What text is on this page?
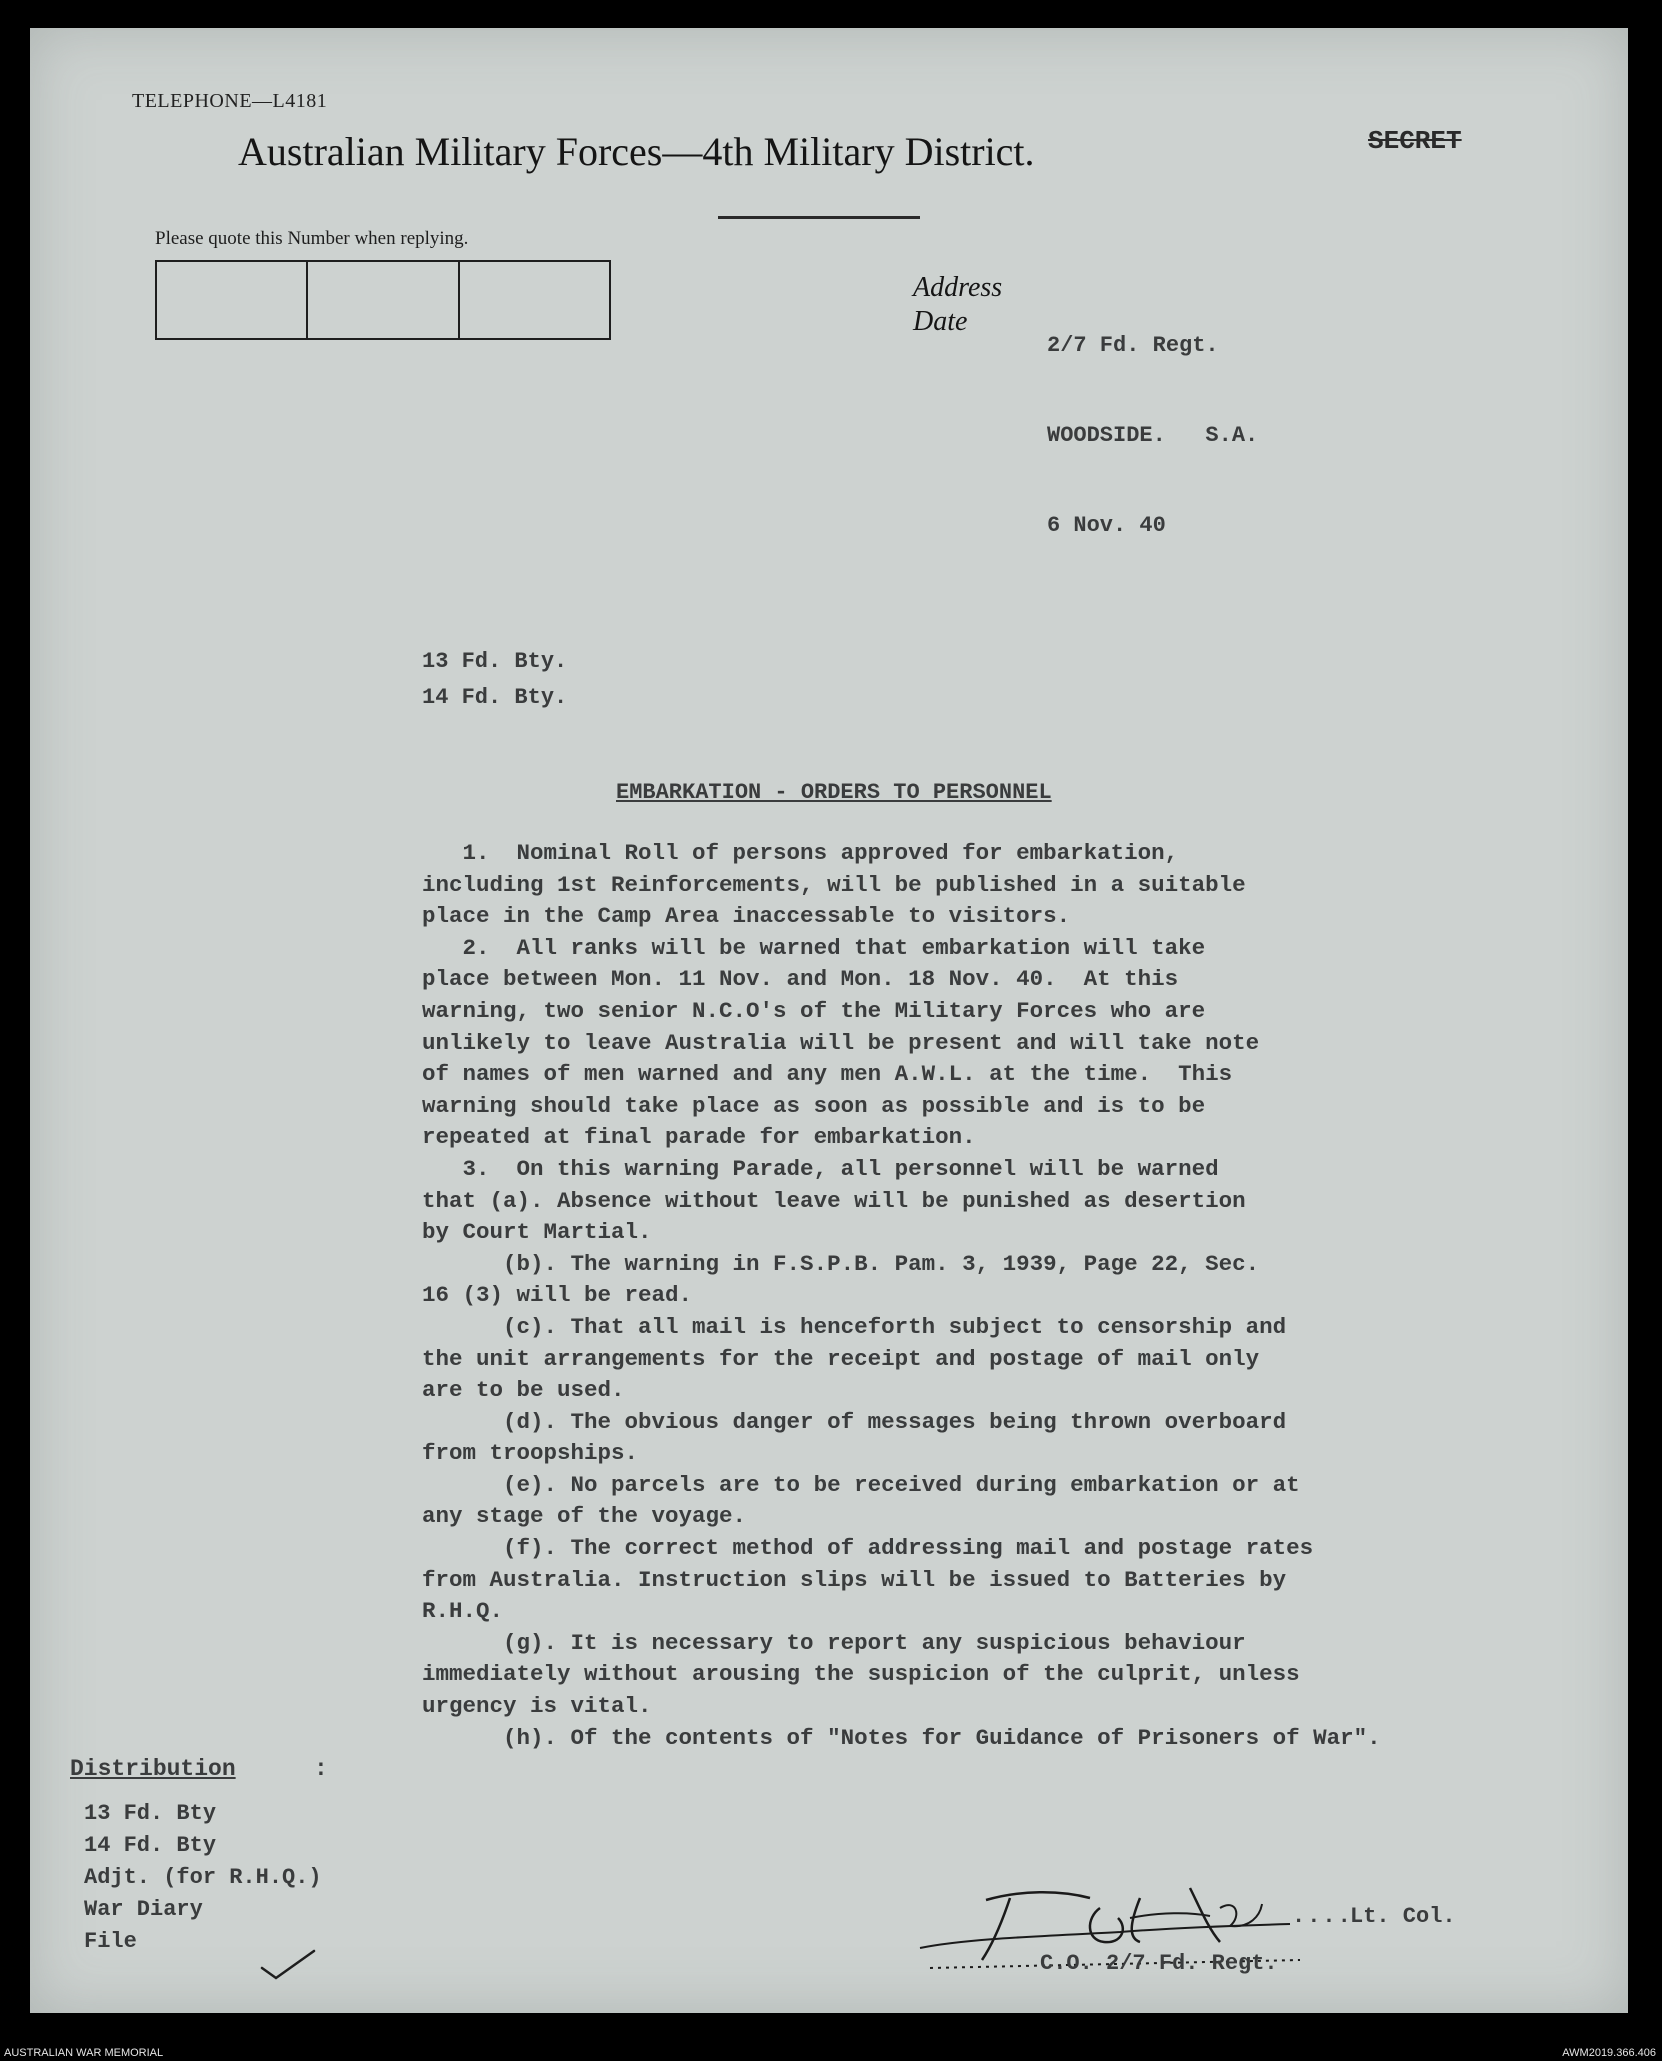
TELEPHONE—L4181
Australian Military Forces—4th Military District.	SECRET
Please quote this Number when replying.
Address
Date

2/7 Fd. Regt.

WOODSIDE.   S.A.

6 Nov. 40

13 Fd. Bty.
14 Fd. Bty.
EMBARKATION - ORDERS TO PERSONNEL

1.  Nominal Roll of persons approved for embarkation,
including 1st Reinforcements, will be published in a suitable
place in the Camp Area inaccessable to visitors.

2.  All ranks will be warned that embarkation will take
place between Mon. 11 Nov. and Mon. 18 Nov. 40.  At this
warning, two senior N.C.O's of the Military Forces who are
unlikely to leave Australia will be present and will take note
of names of men warned and any men A.W.L. at the time.  This
warning should take place as soon as possible and is to be
repeated at final parade for embarkation.

3.  On this warning Parade, all personnel will be warned
that (a). Absence without leave will be punished as desertion
by Court Martial.

(b). The warning in F.S.P.B. Pam. 3, 1939, Page 22, Sec.
16 (3) will be read.

(c). That all mail is henceforth subject to censorship and
the unit arrangements for the receipt and postage of mail only
are to be used.

(d). The obvious danger of messages being thrown overboard
from troopships.

(e). No parcels are to be received during embarkation or at
any stage of the voyage.

(f). The correct method of addressing mail and postage rates
from Australia. Instruction slips will be issued to Batteries by
R.H.Q.

(g). It is necessary to report any suspicious behaviour
immediately without arousing the suspicion of the culprit, unless
urgency is vital.

(h). Of the contents of "Notes for Guidance of Prisoners of War".

Distribution	:
13 Fd. Bty
14 Fd. Bty
Adjt. (for R.H.Q.)
War Diary
File
....
Lt. Col.
C.O. 2/7 Fd. Regt.
AUSTRALIAN WAR MEMORIAL	AWM2019.366.406
